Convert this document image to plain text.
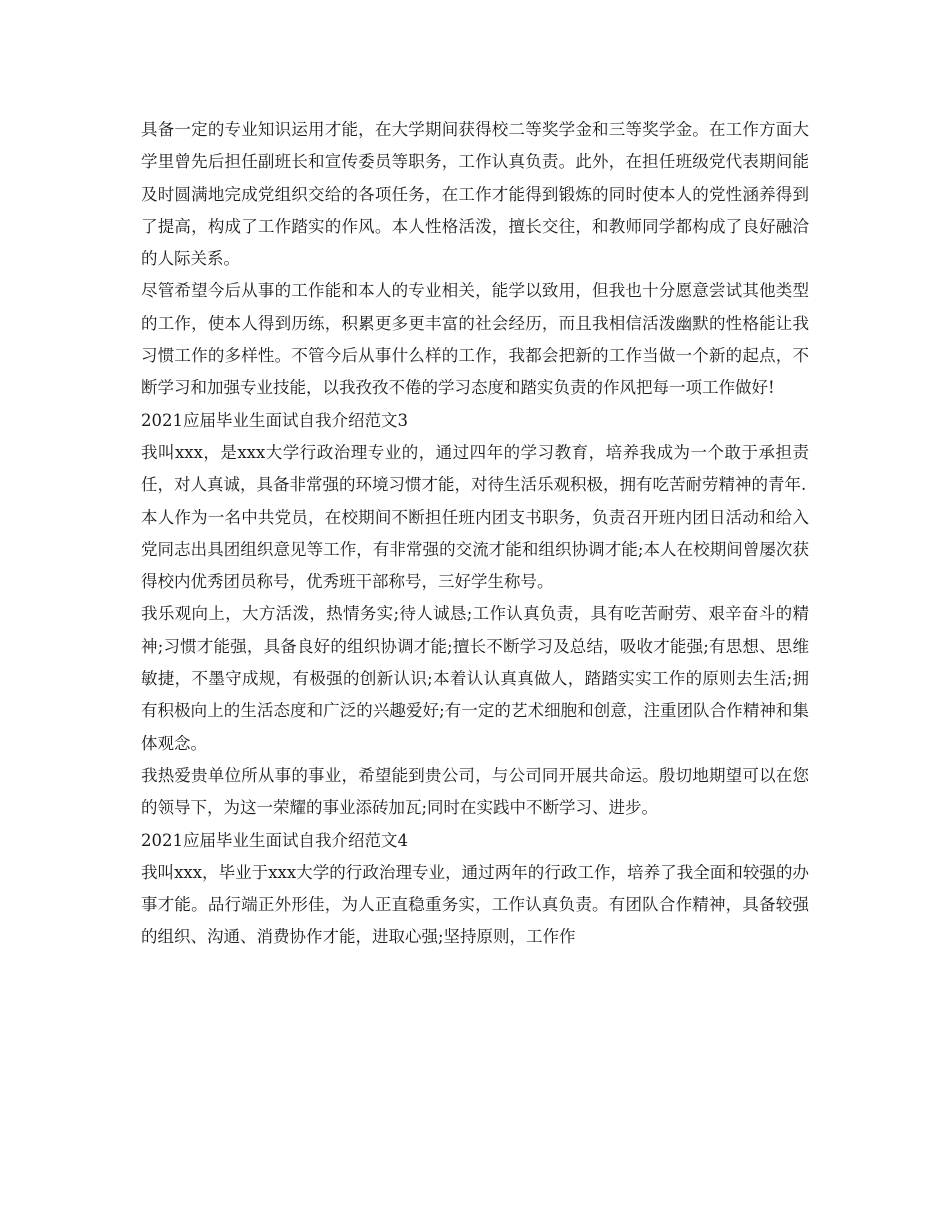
具备一定的专业知识运用才能，在大学期间获得校二等奖学金和三等奖学金。在工作方面大学里曾先后担任副班长和宣传委员等职务，工作认真负责。此外，在担任班级党代表期间能及时圆满地完成党组织交给的各项任务，在工作才能得到锻炼的同时使本人的党性涵养得到了提高，构成了工作踏实的作风。本人性格活泼，擅长交往，和教师同学都构成了良好融洽的人际关系。

尽管希望今后从事的工作能和本人的专业相关，能学以致用，但我也十分愿意尝试其他类型的工作，使本人得到历练，积累更多更丰富的社会经历，而且我相信活泼幽默的性格能让我习惯工作的多样性。不管今后从事什么样的工作，我都会把新的工作当做一个新的起点，不断学习和加强专业技能，以我孜孜不倦的学习态度和踏实负责的作风把每一项工作做好!

2021应届毕业生面试自我介绍范文3

我叫xxx，是xxx大学行政治理专业的，通过四年的学习教育，培养我成为一个敢于承担责任，对人真诚，具备非常强的环境习惯才能，对待生活乐观积极，拥有吃苦耐劳精神的青年.

本人作为一名中共党员，在校期间不断担任班内团支书职务，负责召开班内团日活动和给入党同志出具团组织意见等工作，有非常强的交流才能和组织协调才能;本人在校期间曾屡次获得校内优秀团员称号，优秀班干部称号，三好学生称号。

我乐观向上，大方活泼，热情务实;待人诚恳;工作认真负责，具有吃苦耐劳、艰辛奋斗的精神;习惯才能强，具备良好的组织协调才能;擅长不断学习及总结，吸收才能强;有思想、思维敏捷，不墨守成规，有极强的创新认识;本着认认真真做人，踏踏实实工作的原则去生活;拥有积极向上的生活态度和广泛的兴趣爱好;有一定的艺术细胞和创意，注重团队合作精神和集体观念。

我热爱贵单位所从事的事业，希望能到贵公司，与公司同开展共命运。殷切地期望可以在您的领导下，为这一荣耀的事业添砖加瓦;同时在实践中不断学习、进步。

2021应届毕业生面试自我介绍范文4

我叫xxx，毕业于xxx大学的行政治理专业，通过两年的行政工作，培养了我全面和较强的办事才能。品行端正外形佳，为人正直稳重务实，工作认真负责。有团队合作精神，具备较强的组织、沟通、消费协作才能，进取心强;坚持原则，工作作
